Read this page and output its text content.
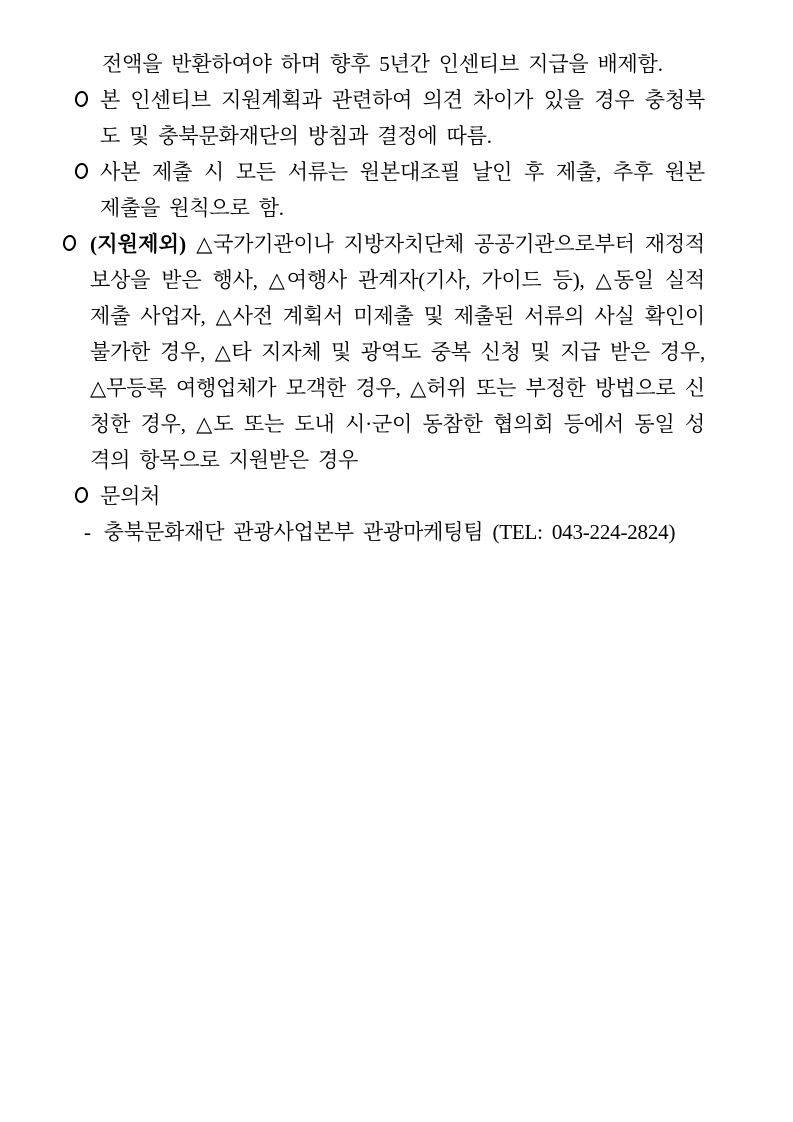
전액을 반환하여야 하며 향후 5년간 인센티브 지급을 배제함.

본 인센티브 지원계획과 관련하여 의견 차이가 있을 경우 충청북도 및 충북문화재단의 방침과 결정에 따름.

사본 제출 시 모든 서류는 원본대조필 날인 후 제출, 추후 원본 제출을 원칙으로 함.

(지원제외) △국가기관이나 지방자치단체 공공기관으로부터 재정적 보상을 받은 행사, △여행사 관계자(기사, 가이드 등), △동일 실적 제출 사업자, △사전 계획서 미제출 및 제출된 서류의 사실 확인이 불가한 경우, △타 지자체 및 광역도 중복 신청 및 지급 받은 경우, △무등록 여행업체가 모객한 경우, △허위 또는 부정한 방법으로 신청한 경우, △도 또는 도내 시·군이 동참한 협의회 등에서 동일 성격의 항목으로 지원받은 경우

문의처

- 충북문화재단 관광사업본부 관광마케팅팀 (TEL: 043-224-2824)
